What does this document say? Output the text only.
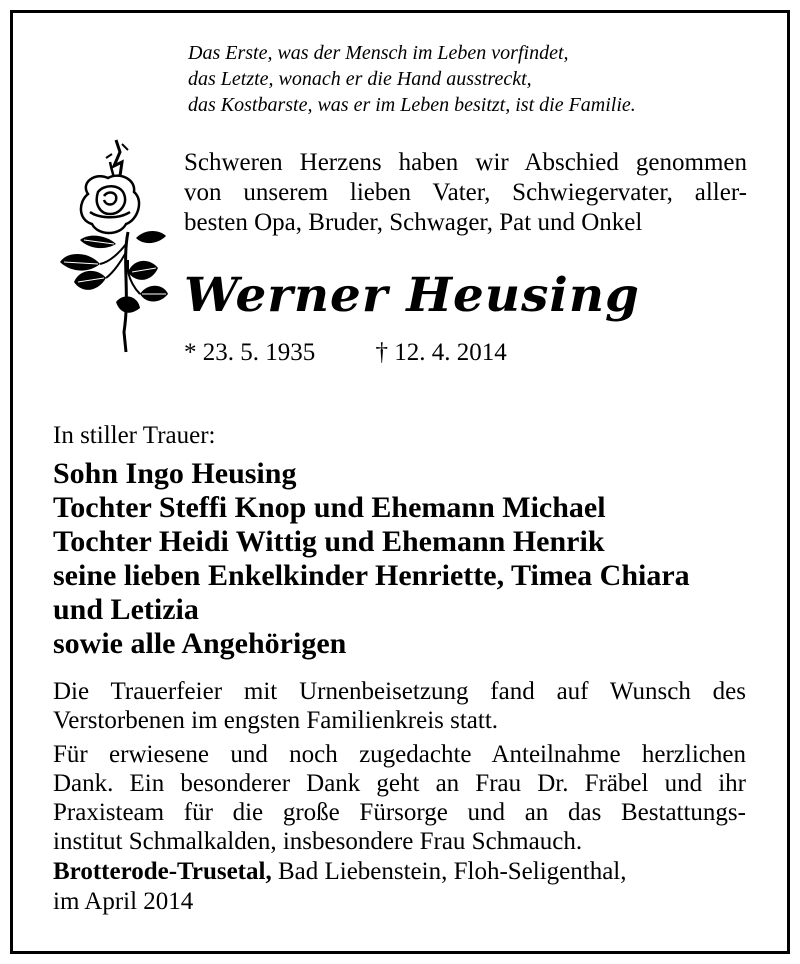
Das Erste, was der Mensch im Leben vorfindet,
das Letzte, wonach er die Hand ausstreckt,
das Kostbarste, was er im Leben besitzt, ist die Familie.
Schweren Herzens haben wir Abschied genommen
von unserem lieben Vater, Schwiegervater, aller-
besten Opa, Bruder, Schwager, Pat und Onkel
Werner Heusing
* 23. 5. 1935 † 12. 4. 2014
In stiller Trauer:
Sohn Ingo Heusing
Tochter Steffi Knop und Ehemann Michael
Tochter Heidi Wittig und Ehemann Henrik
seine lieben Enkelkinder Henriette, Timea Chiara
und Letizia
sowie alle Angehörigen
Die Trauerfeier mit Urnenbeisetzung fand auf Wunsch des
Verstorbenen im engsten Familienkreis statt.
Für erwiesene und noch zugedachte Anteilnahme herzlichen
Dank. Ein besonderer Dank geht an Frau Dr. Fräbel und ihr
Praxisteam für die große Fürsorge und an das Bestattungs-
institut Schmalkalden, insbesondere Frau Schmauch.
Brotterode-Trusetal, Bad Liebenstein, Floh-Seligenthal,
im April 2014
